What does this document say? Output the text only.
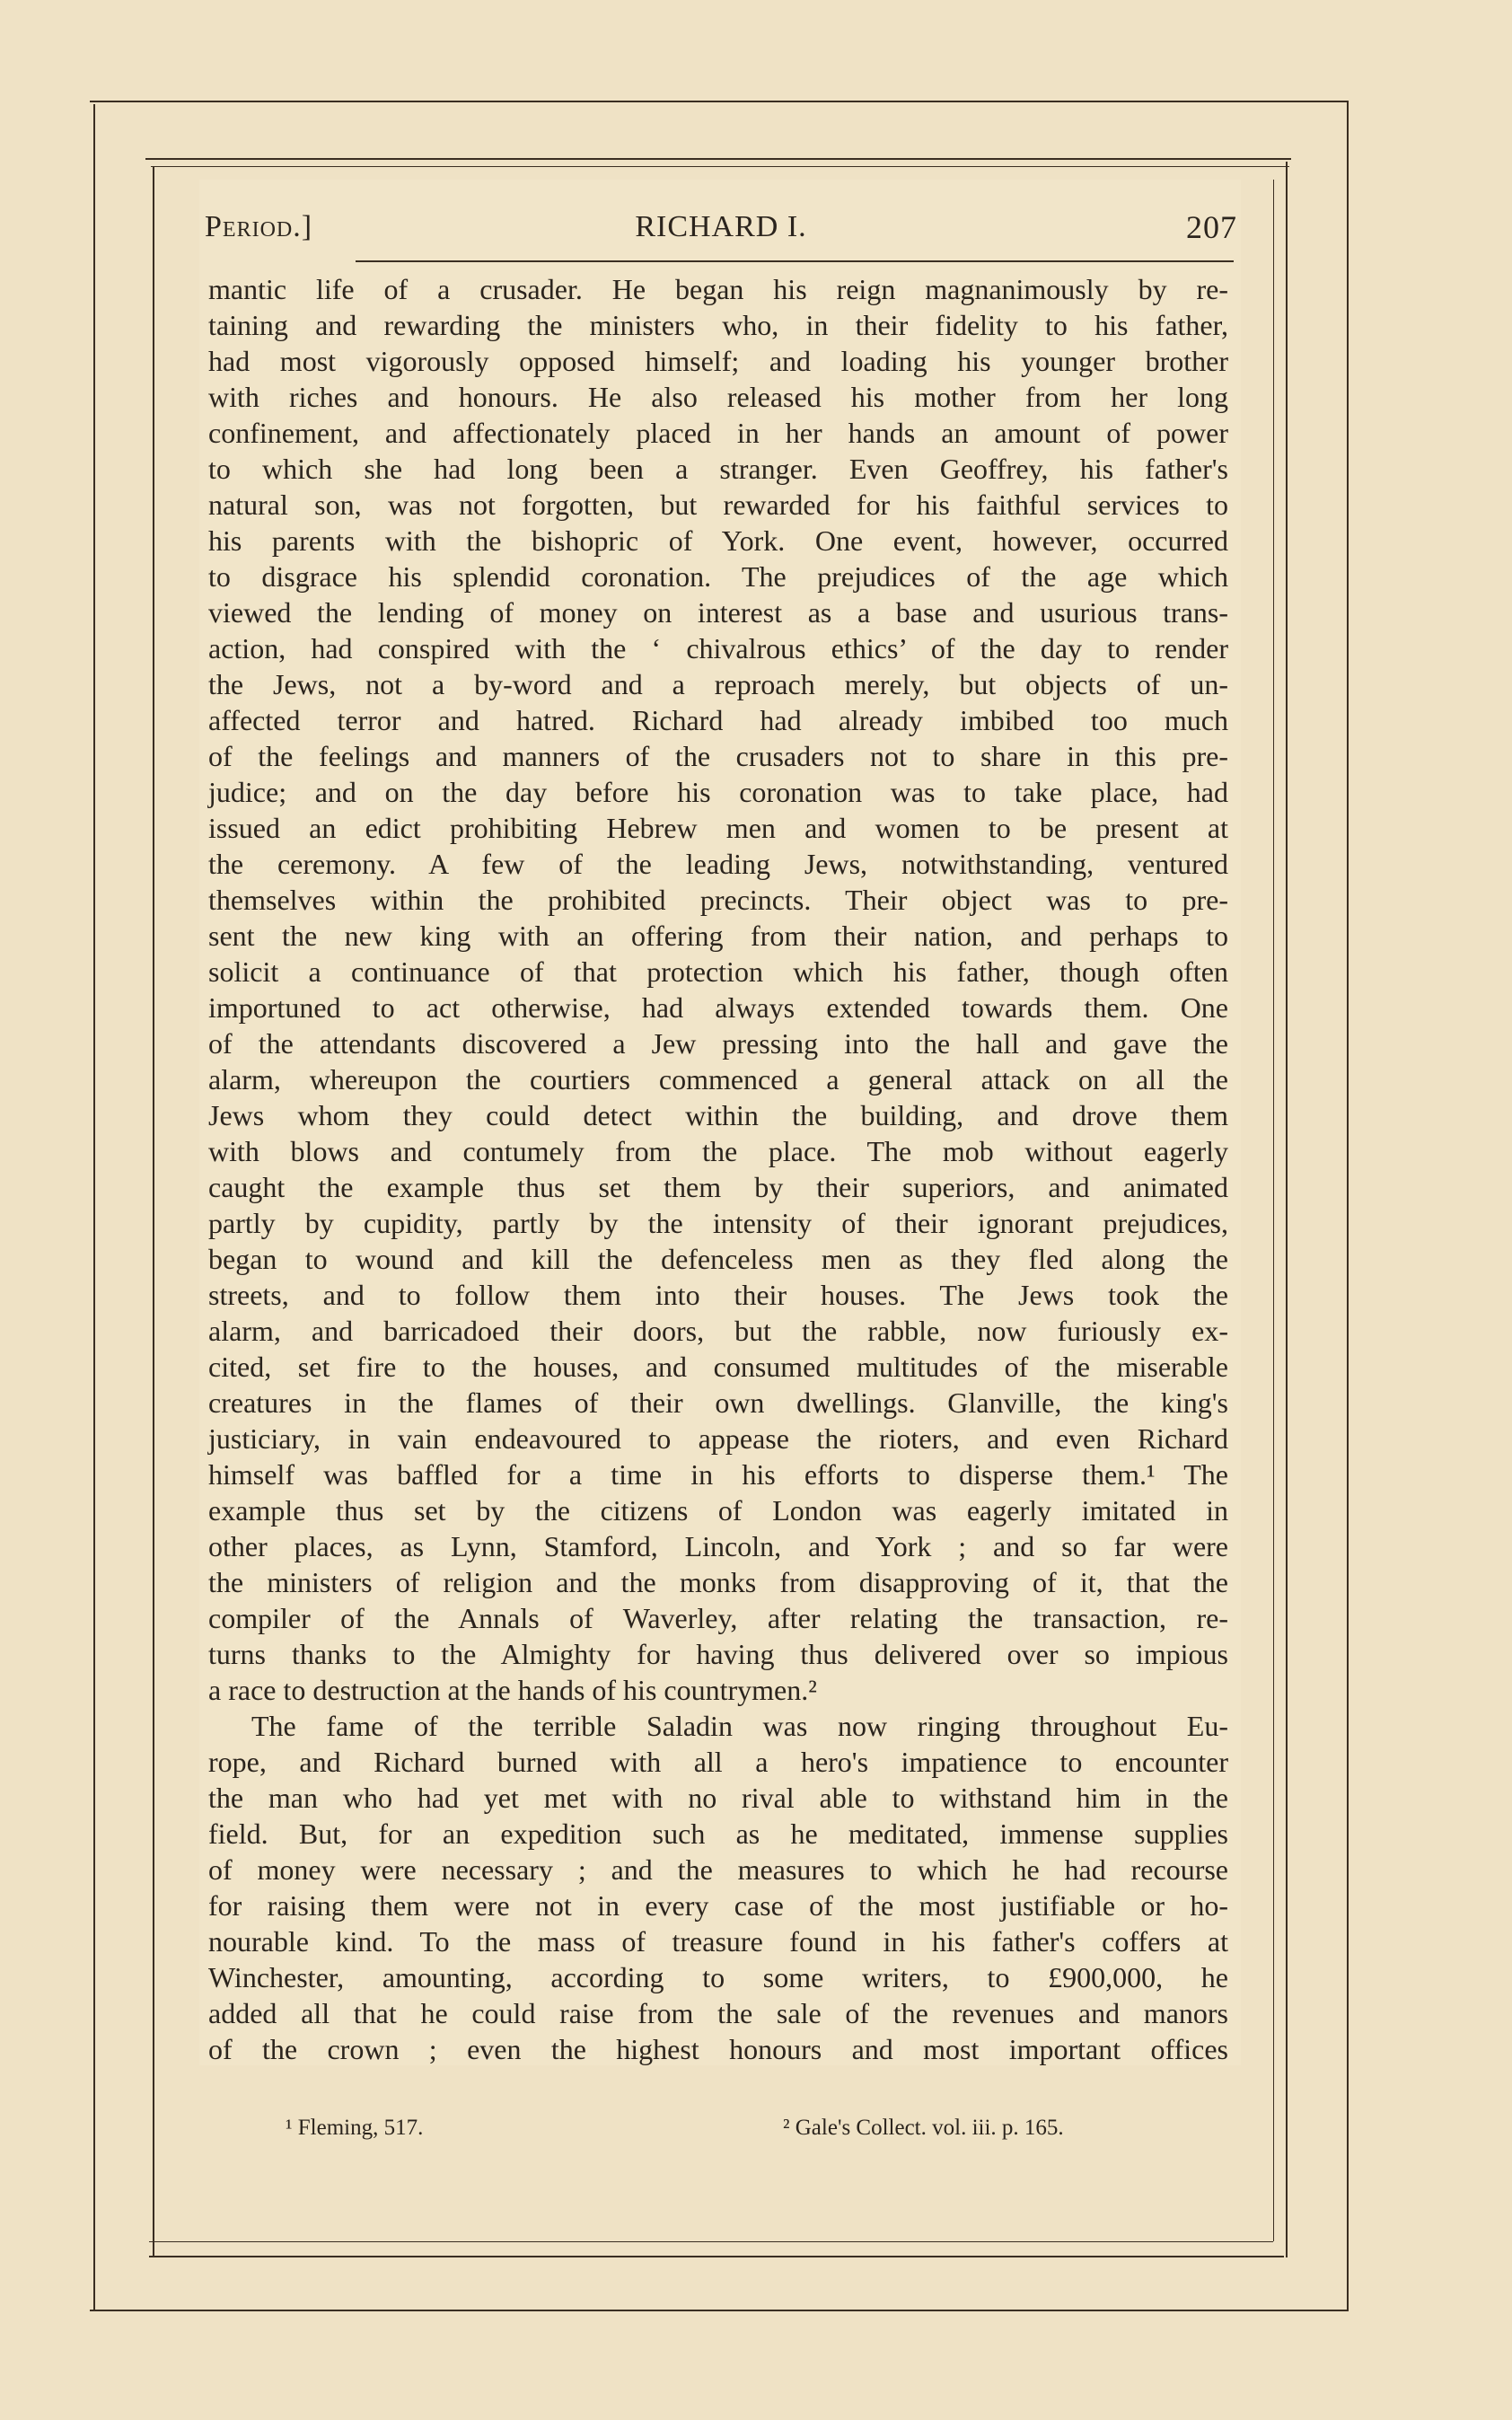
Period.]	RICHARD I.	207
mantic life of a crusader. He began his reign magnanimously by re-
taining and rewarding the ministers who, in their fidelity to his father,
had most vigorously opposed himself; and loading his younger brother
with riches and honours. He also released his mother from her long
confinement, and affectionately placed in her hands an amount of power
to which she had long been a stranger. Even Geoffrey, his father's
natural son, was not forgotten, but rewarded for his faithful services to
his parents with the bishopric of York. One event, however, occurred
to disgrace his splendid coronation. The prejudices of the age which
viewed the lending of money on interest as a base and usurious trans-
action, had conspired with the ‘ chivalrous ethics’ of the day to render
the Jews, not a by-word and a reproach merely, but objects of un-
affected terror and hatred. Richard had already imbibed too much
of the feelings and manners of the crusaders not to share in this pre-
judice; and on the day before his coronation was to take place, had
issued an edict prohibiting Hebrew men and women to be present at
the ceremony. A few of the leading Jews, notwithstanding, ventured
themselves within the prohibited precincts. Their object was to pre-
sent the new king with an offering from their nation, and perhaps to
solicit a continuance of that protection which his father, though often
importuned to act otherwise, had always extended towards them. One
of the attendants discovered a Jew pressing into the hall and gave the
alarm, whereupon the courtiers commenced a general attack on all the
Jews whom they could detect within the building, and drove them
with blows and contumely from the place. The mob without eagerly
caught the example thus set them by their superiors, and animated
partly by cupidity, partly by the intensity of their ignorant prejudices,
began to wound and kill the defenceless men as they fled along the
streets, and to follow them into their houses. The Jews took the
alarm, and barricadoed their doors, but the rabble, now furiously ex-
cited, set fire to the houses, and consumed multitudes of the miserable
creatures in the flames of their own dwellings. Glanville, the king's
justiciary, in vain endeavoured to appease the rioters, and even Richard
himself was baffled for a time in his efforts to disperse them.¹ The
example thus set by the citizens of London was eagerly imitated in
other places, as Lynn, Stamford, Lincoln, and York ; and so far were
the ministers of religion and the monks from disapproving of it, that the
compiler of the Annals of Waverley, after relating the transaction, re-
turns thanks to the Almighty for having thus delivered over so impious
a race to destruction at the hands of his countrymen.²
The fame of the terrible Saladin was now ringing throughout Eu-
rope, and Richard burned with all a hero's impatience to encounter
the man who had yet met with no rival able to withstand him in the
field. But, for an expedition such as he meditated, immense supplies
of money were necessary ; and the measures to which he had recourse
for raising them were not in every case of the most justifiable or ho-
nourable kind. To the mass of treasure found in his father's coffers at
Winchester, amounting, according to some writers, to £900,000, he
added all that he could raise from the sale of the revenues and manors
of the crown ; even the highest honours and most important offices
¹ Fleming, 517.	² Gale's Collect. vol. iii. p. 165.
